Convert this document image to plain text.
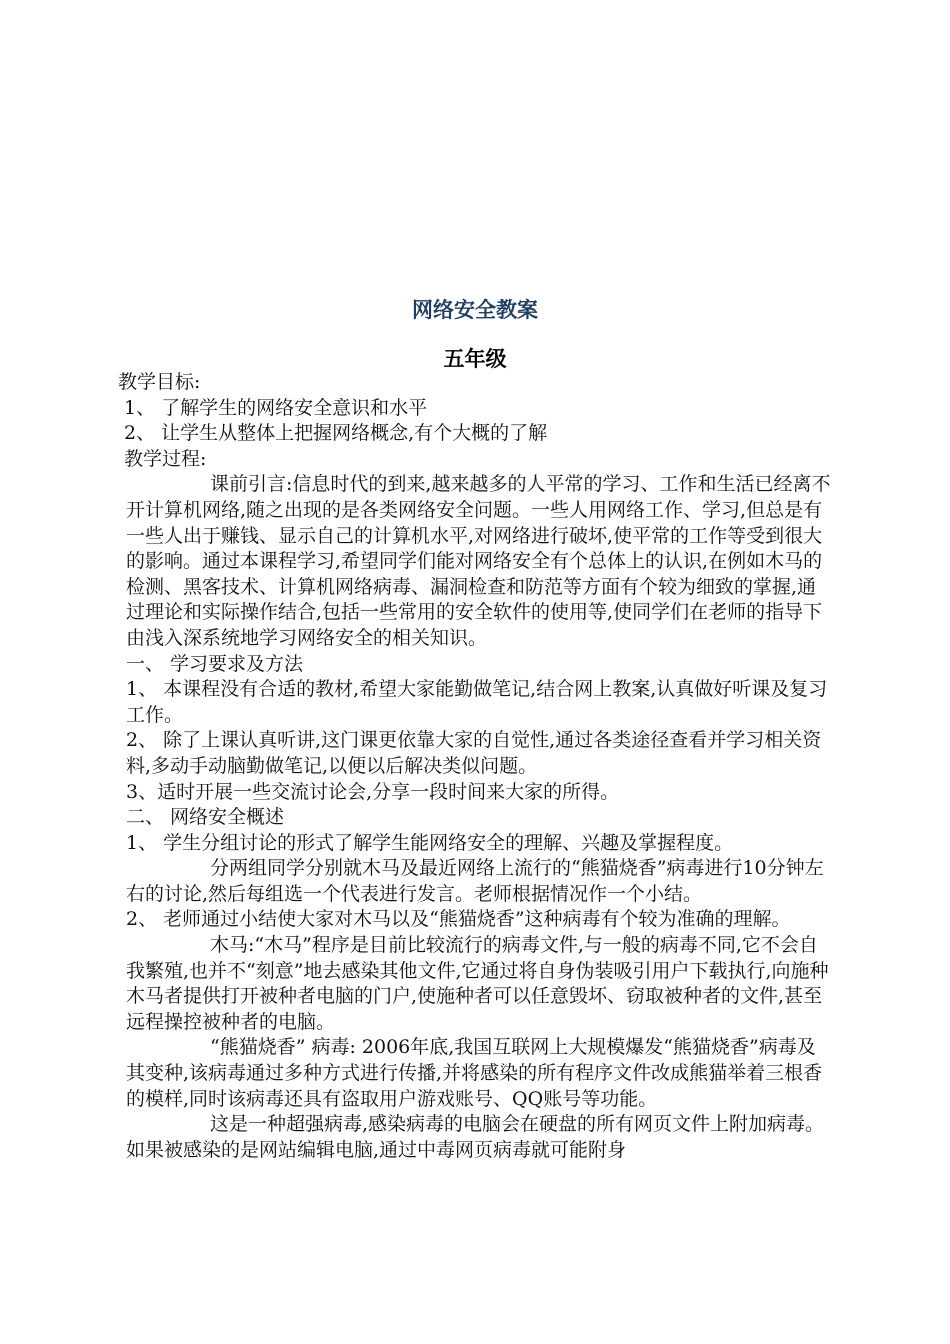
网络安全教案
五年级

教学目标:

1、 了解学生的网络安全意识和水平

2、 让学生从整体上把握网络概念,有个大概的了解

教学过程:

课前引言:信息时代的到来,越来越多的人平常的学习、工作和生活已经离不开计算机网络,随之出现的是各类网络安全问题。一些人用网络工作、学习,但总是有一些人出于赚钱、显示自己的计算机水平,对网络进行破坏,使平常的工作等受到很大的影响。通过本课程学习,希望同学们能对网络安全有个总体上的认识,在例如木马的检测、黑客技术、计算机网络病毒、漏洞检查和防范等方面有个较为细致的掌握,通过理论和实际操作结合,包括一些常用的安全软件的使用等,使同学们在老师的指导下由浅入深系统地学习网络安全的相关知识。

一、 学习要求及方法

1、 本课程没有合适的教材,希望大家能勤做笔记,结合网上教案,认真做好听课及复习工作。

2、 除了上课认真听讲,这门课更依靠大家的自觉性,通过各类途径查看并学习相关资料,多动手动脑勤做笔记,以便以后解决类似问题。

3、适时开展一些交流讨论会,分享一段时间来大家的所得。

二、 网络安全概述

1、 学生分组讨论的形式了解学生能网络安全的理解、兴趣及掌握程度。

分两组同学分别就木马及最近网络上流行的“熊猫烧香”病毒进行10分钟左右的讨论,然后每组选一个代表进行发言。老师根据情况作一个小结。

2、 老师通过小结使大家对木马以及“熊猫烧香”这种病毒有个较为准确的理解。

木马:“木马”程序是目前比较流行的病毒文件,与一般的病毒不同,它不会自我繁殖,也并不“刻意”地去感染其他文件,它通过将自身伪装吸引用户下载执行,向施种木马者提供打开被种者电脑的门户,使施种者可以任意毁坏、窃取被种者的文件,甚至远程操控被种者的电脑。

“熊猫烧香” 病毒: 2006年底,我国互联网上大规模爆发“熊猫烧香”病毒及其变种,该病毒通过多种方式进行传播,并将感染的所有程序文件改成熊猫举着三根香的模样,同时该病毒还具有盗取用户游戏账号、QQ账号等功能。

这是一种超强病毒,感染病毒的电脑会在硬盘的所有网页文件上附加病毒。如果被感染的是网站编辑电脑,通过中毒网页病毒就可能附身
